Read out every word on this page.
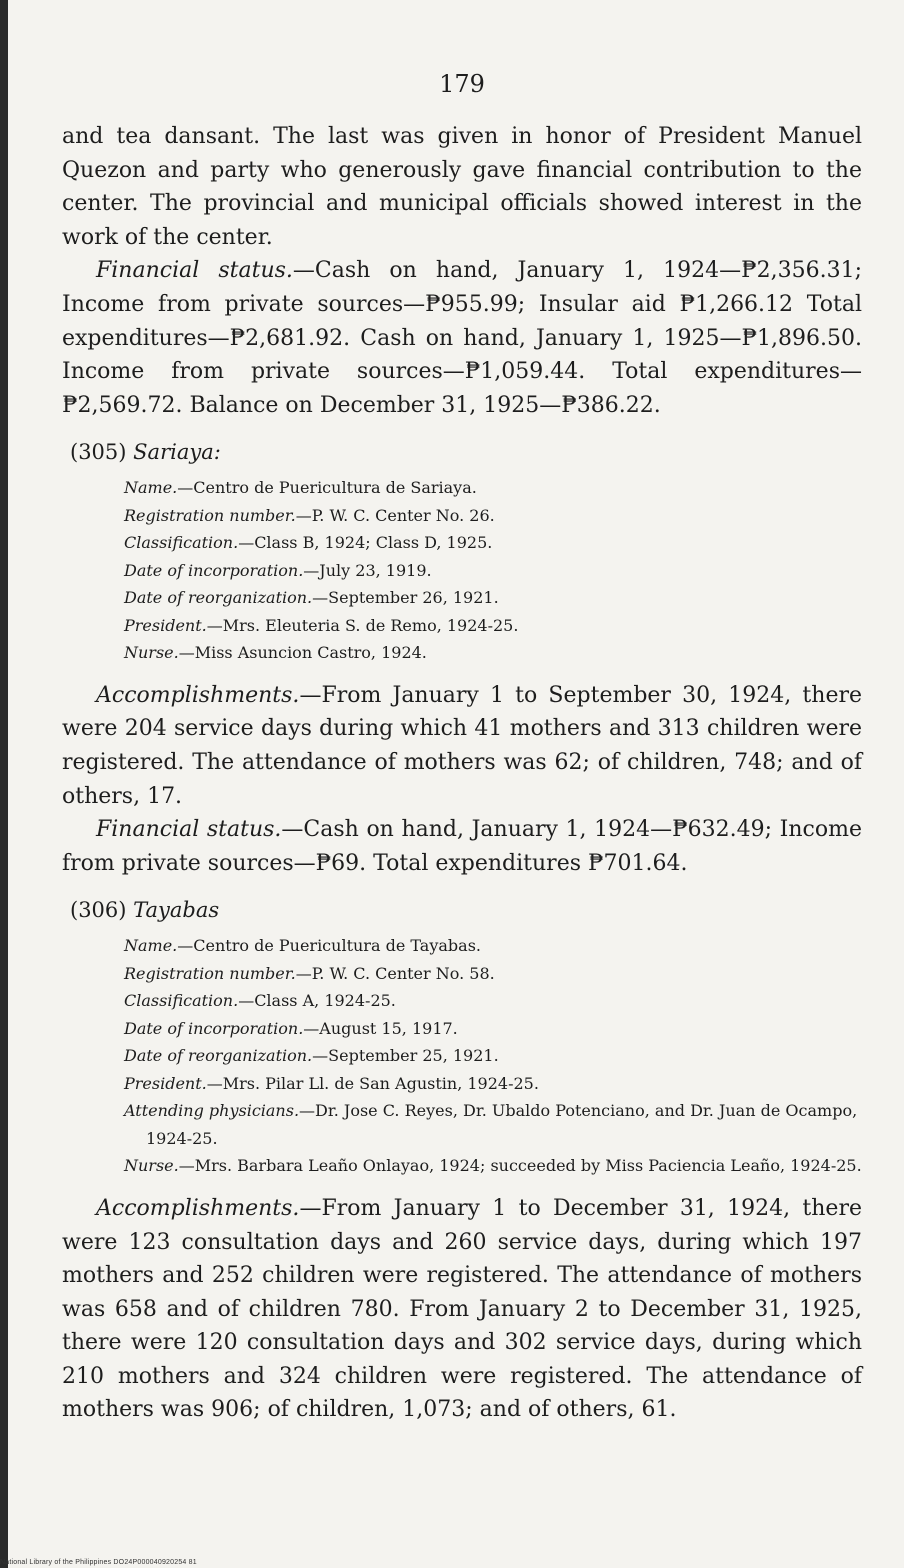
179

and tea dansant. The last was given in honor of President Manuel Quezon and party who generously gave financial contribution to the center. The provincial and municipal officials showed interest in the work of the center.

Financial status.—Cash on hand, January 1, 1924—₱2,356.31; Income from private sources—₱955.99; Insular aid ₱1,266.12 Total expenditures—₱2,681.92. Cash on hand, January 1, 1925—₱1,896.50. Income from private sources—₱1,059.44. Total expenditures—₱2,569.72. Balance on December 31, 1925—₱386.22.

(305) Sariaya:

Name.—Centro de Puericultura de Sariaya.

Registration number.—P. W. C. Center No. 26.

Classification.—Class B, 1924; Class D, 1925.

Date of incorporation.—July 23, 1919.

Date of reorganization.—September 26, 1921.

President.—Mrs. Eleuteria S. de Remo, 1924-25.

Nurse.—Miss Asuncion Castro, 1924.

Accomplishments.—From January 1 to September 30, 1924, there were 204 service days during which 41 mothers and 313 children were registered. The attendance of mothers was 62; of children, 748; and of others, 17.

Financial status.—Cash on hand, January 1, 1924—₱632.49; Income from private sources—₱69. Total expenditures ₱701.64.

(306) Tayabas

Name.—Centro de Puericultura de Tayabas.

Registration number.—P. W. C. Center No. 58.

Classification.—Class A, 1924-25.

Date of incorporation.—August 15, 1917.

Date of reorganization.—September 25, 1921.

President.—Mrs. Pilar Ll. de San Agustin, 1924-25.

Attending physicians.—Dr. Jose C. Reyes, Dr. Ubaldo Potenciano, and Dr. Juan de Ocampo, 1924-25.

Nurse.—Mrs. Barbara Leaño Onlayao, 1924; succeeded by Miss Paciencia Leaño, 1924-25.

Accomplishments.—From January 1 to December 31, 1924, there were 123 consultation days and 260 service days, during which 197 mothers and 252 children were registered. The attendance of mothers was 658 and of children 780. From January 2 to December 31, 1925, there were 120 consultation days and 302 service days, during which 210 mothers and 324 children were registered. The attendance of mothers was 906; of children, 1,073; and of others, 61.

National Library of the Philippines DO24P000040920254 81
